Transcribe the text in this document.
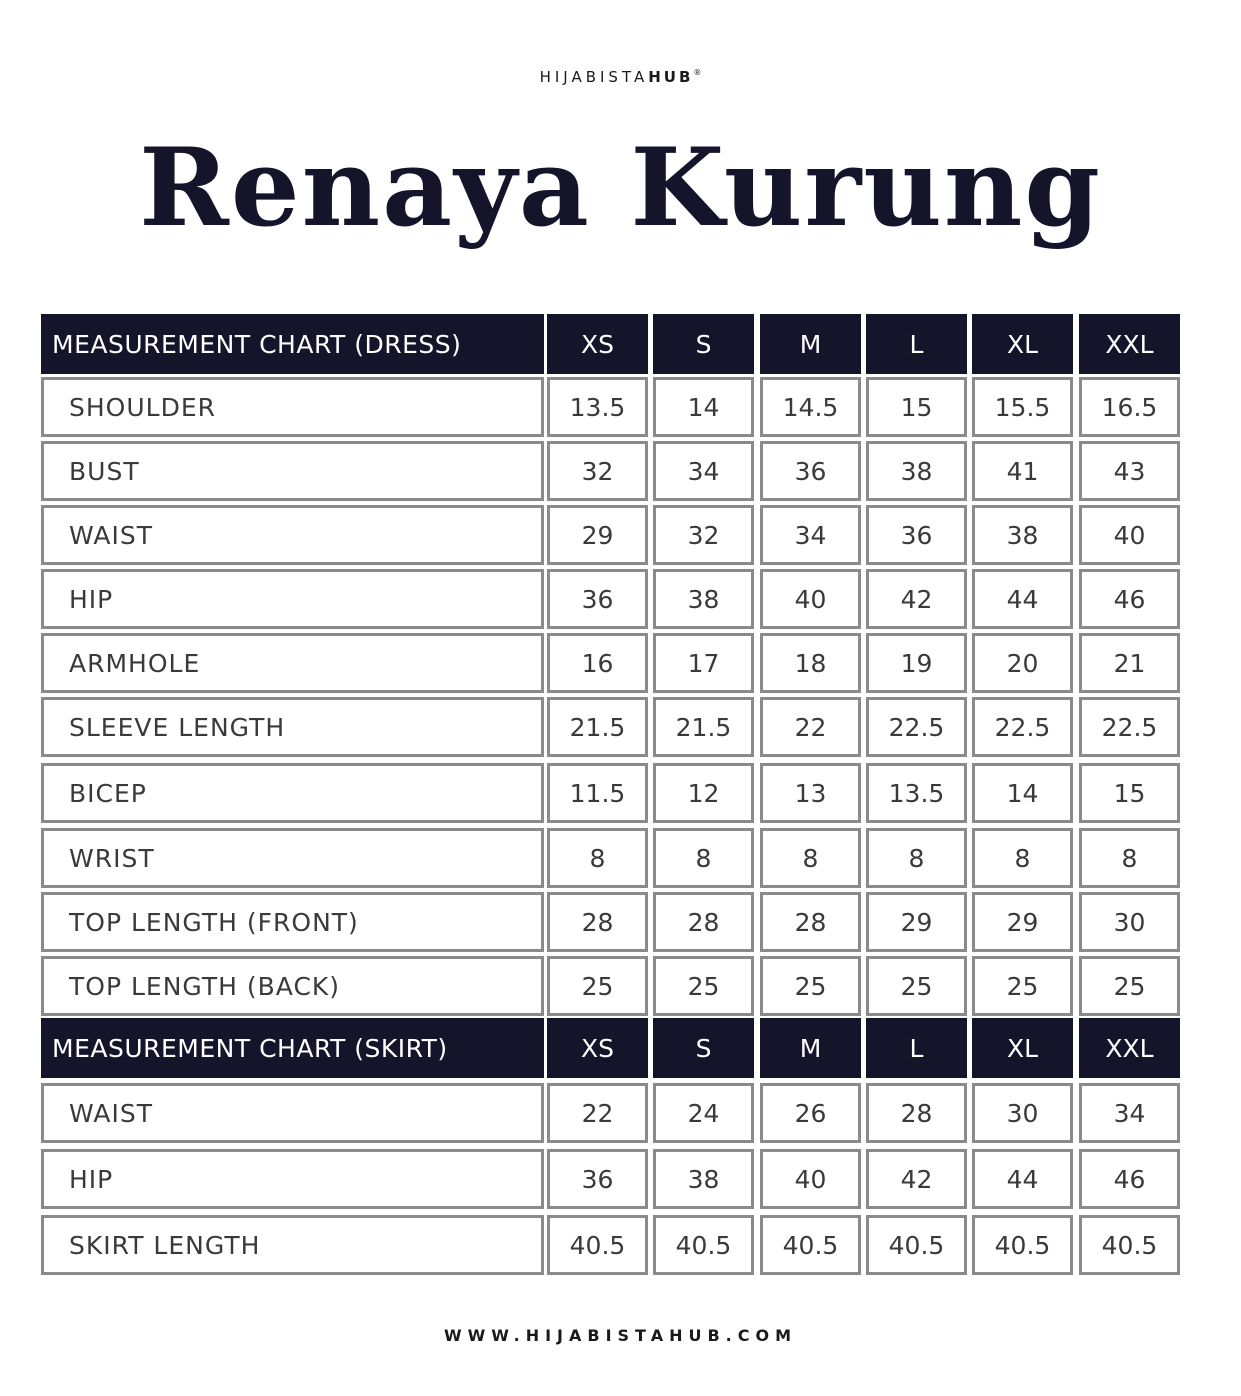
HIJABISTAHUB®
Renaya Kurung
MEASUREMENT CHART (DRESS)	XS	S	M	L	XL	XXL
SHOULDER	13.5	14	14.5	15	15.5	16.5
BUST	32	34	36	38	41	43
WAIST	29	32	34	36	38	40
HIP	36	38	40	42	44	46
ARMHOLE	16	17	18	19	20	21
SLEEVE LENGTH	21.5	21.5	22	22.5	22.5	22.5
BICEP	11.5	12	13	13.5	14	15
WRIST	8	8	8	8	8	8
TOP LENGTH (FRONT)	28	28	28	29	29	30
TOP LENGTH (BACK)	25	25	25	25	25	25
MEASUREMENT CHART (SKIRT)	XS	S	M	L	XL	XXL
WAIST	22	24	26	28	30	34
HIP	36	38	40	42	44	46
SKIRT LENGTH	40.5	40.5	40.5	40.5	40.5	40.5
WWW.HIJABISTAHUB.COM
